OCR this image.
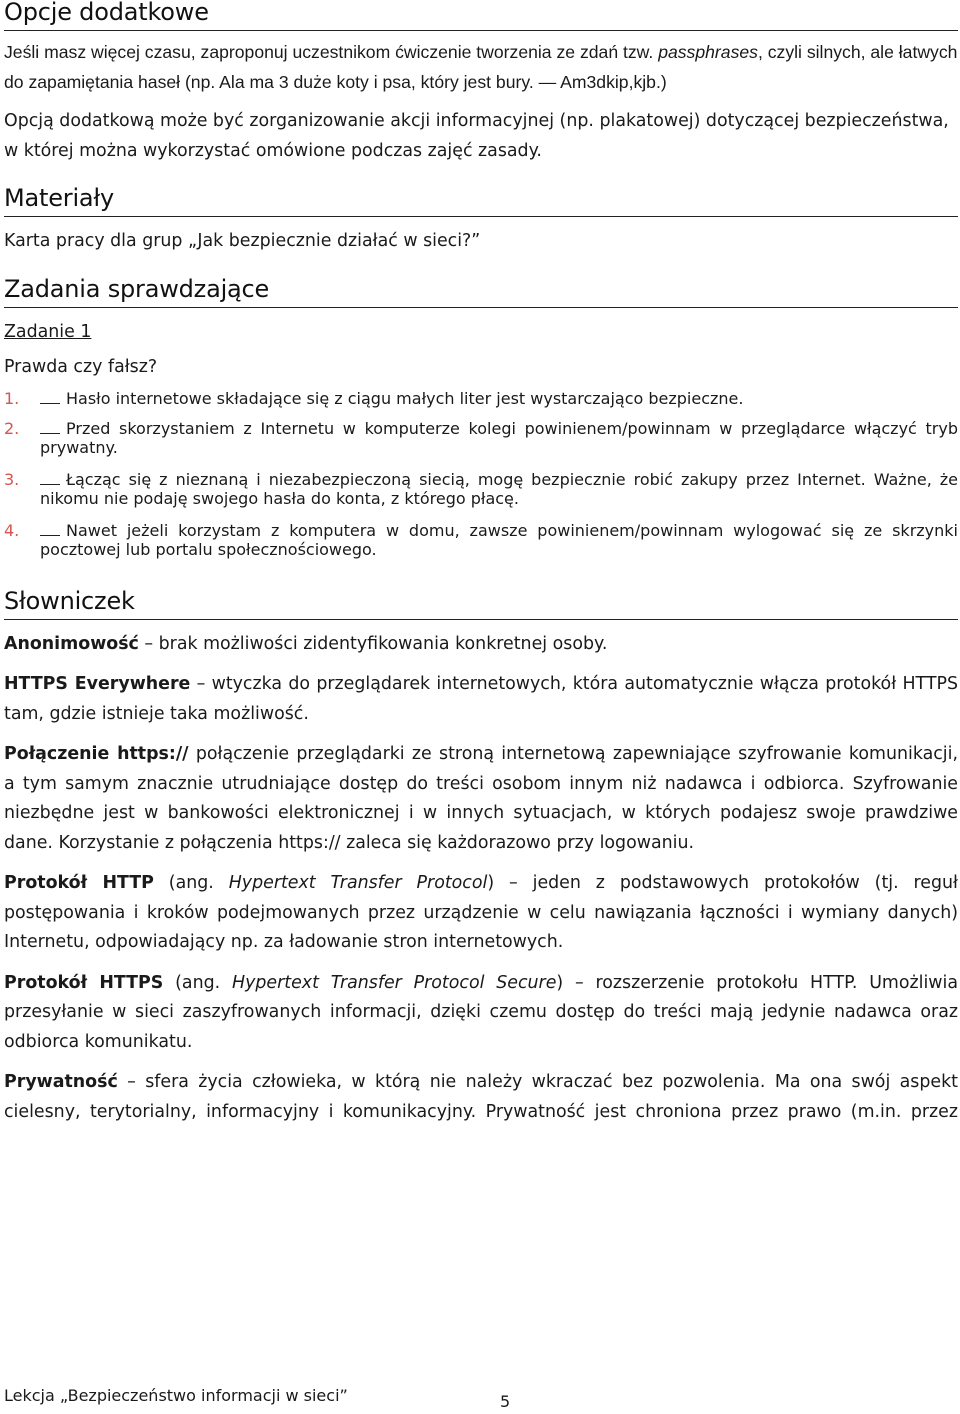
Opcje dodatkowe

Jeśli masz więcej czasu, zaproponuj uczestnikom ćwiczenie tworzenia ze zdań tzw. passphrases, czyli silnych, ale łatwych do zapamiętania haseł (np. Ala ma 3 duże koty i psa, który jest bury. — Am3dkip,kjb.)

Opcją dodatkową może być zorganizowanie akcji informacyjnej (np. plakatowej) dotyczącej bezpieczeństwa, w której można wykorzystać omówione podczas zajęć zasady.

Materiały

Karta pracy dla grup „Jak bezpiecznie działać w sieci?”

Zadania sprawdzające

Zadanie 1

Prawda czy fałsz?

1.	Hasło internetowe składające się z ciągu małych liter jest wystarczająco bezpieczne.
2.	Przed skorzystaniem z Internetu w komputerze kolegi powinienem/powinnam w przeglądarce włączyć tryb prywatny.
3.	Łącząc się z nieznaną i niezabezpieczoną siecią, mogę bezpiecznie robić zakupy przez Internet. Ważne, że nikomu nie podaję swojego hasła do konta, z którego płacę.
4.	Nawet jeżeli korzystam z komputera w domu, zawsze powinienem/powinnam wylogować się ze skrzynki pocztowej lub portalu społecznościowego.
Słowniczek

Anonimowość – brak możliwości zidentyfikowania konkretnej osoby.

HTTPS Everywhere – wtyczka do przeglądarek internetowych, która automatycznie włącza protokół HTTPS tam, gdzie istnieje taka możliwość.

Połączenie https:// połączenie przeglądarki ze stroną internetową zapewniające szyfrowanie komunikacji, a tym samym znacznie utrudniające dostęp do treści osobom innym niż nadawca i odbiorca. Szyfrowanie niezbędne jest w bankowości elektronicznej i w innych sytuacjach, w których podajesz swoje prawdziwe dane. Korzystanie z połączenia https:// zaleca się każdorazowo przy logowaniu.

Protokół HTTP (ang. Hypertext Transfer Protocol) – jeden z podstawowych protokołów (tj. reguł postępowania i kroków podejmowanych przez urządzenie w celu nawiązania łączności i wymiany danych) Internetu, odpowiadający np. za ładowanie stron internetowych.

Protokół HTTPS (ang. Hypertext Transfer Protocol Secure) – rozszerzenie protokołu HTTP. Umożliwia przesyłanie w sieci zaszyfrowanych informacji, dzięki czemu dostęp do treści mają jedynie nadawca oraz odbiorca komunikatu.

Prywatność – sfera życia człowieka, w którą nie należy wkraczać bez pozwolenia. Ma ona swój aspekt cielesny, terytorialny, informacyjny i komunikacyjny. Prywatność jest chroniona przez prawo (m.in. przez

Lekcja „Bezpieczeństwo informacji w sieci”	5
